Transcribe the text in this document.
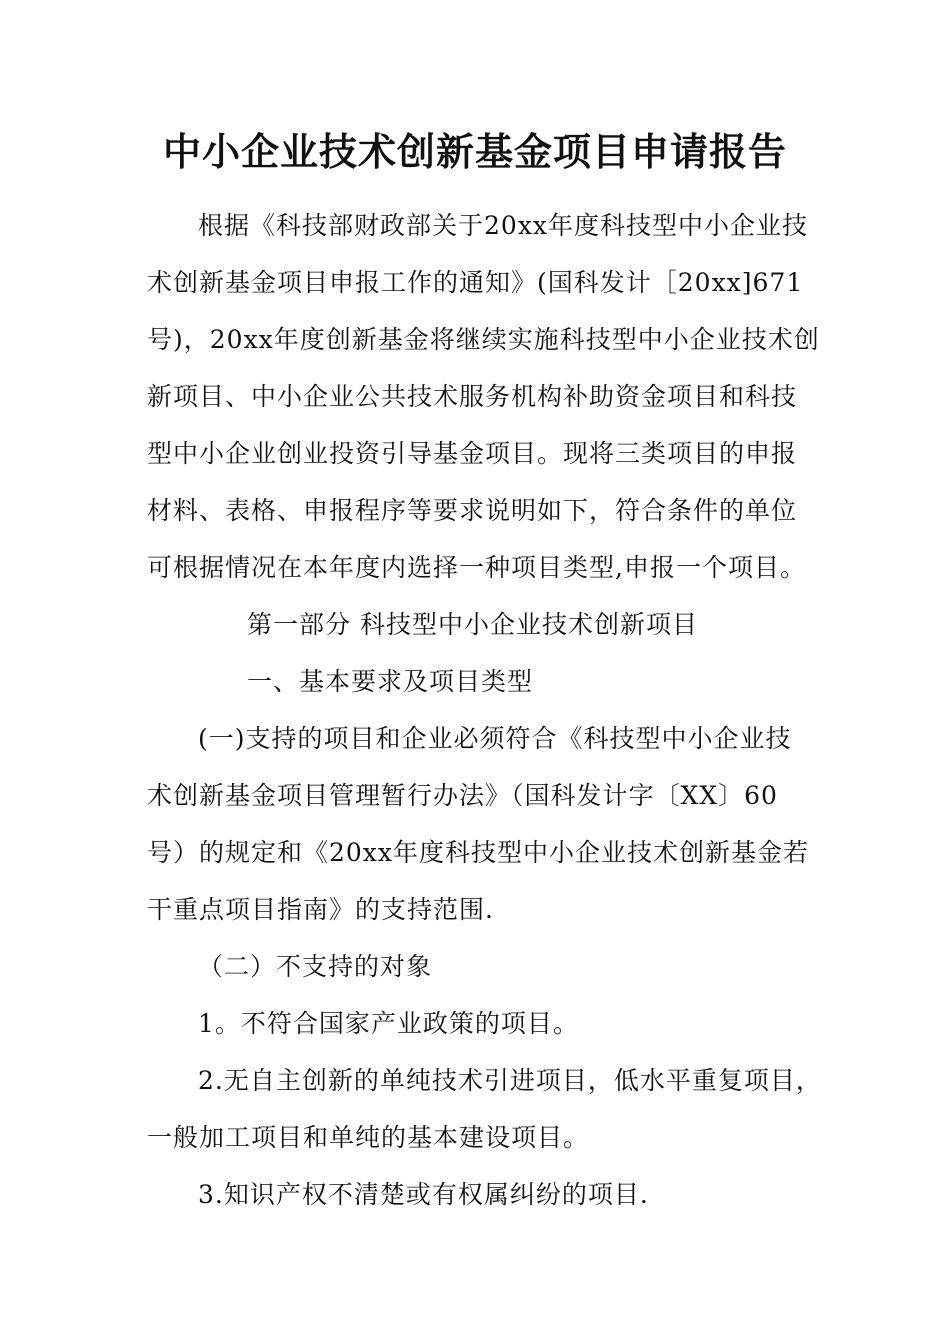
中小企业技术创新基金项目申请报告
根据《科技部财政部关于20xx年度科技型中小企业技
术创新基金项目申报工作的通知》(国科发计［20xx]671
号)，20xx年度创新基金将继续实施科技型中小企业技术创
新项目、中小企业公共技术服务机构补助资金项目和科技
型中小企业创业投资引导基金项目。现将三类项目的申报
材料、表格、申报程序等要求说明如下，符合条件的单位
可根据情况在本年度内选择一种项目类型,申报一个项目。
第一部分 科技型中小企业技术创新项目
一、基本要求及项目类型
(一)支持的项目和企业必须符合《科技型中小企业技
术创新基金项目管理暂行办法》（国科发计字〔XX〕60
号）的规定和《20xx年度科技型中小企业技术创新基金若
干重点项目指南》的支持范围.
（二）不支持的对象
1。不符合国家产业政策的项目。
2.无自主创新的单纯技术引进项目，低水平重复项目，
一般加工项目和单纯的基本建设项目。
3.知识产权不清楚或有权属纠纷的项目.
